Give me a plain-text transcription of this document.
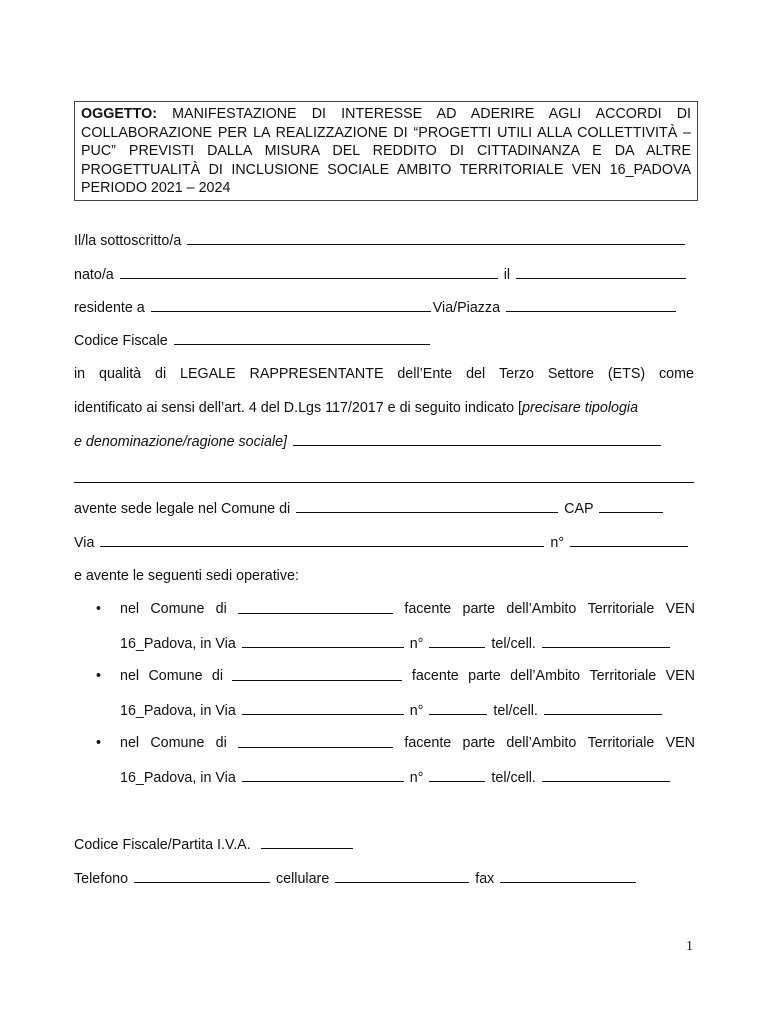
OGGETTO: MANIFESTAZIONE DI INTERESSE AD ADERIRE AGLI ACCORDI DI COLLABORAZIONE PER LA REALIZZAZIONE DI “PROGETTI UTILI ALLA COLLETTIVITÀ – PUC” PREVISTI DALLA MISURA DEL REDDITO DI CITTADINANZA E DA ALTRE PROGETTUALITÀ DI INCLUSIONE SOCIALE AMBITO TERRITORIALE VEN 16_PADOVA PERIODO 2021 – 2024
Il/la sottoscritto/a
nato/a	il
residente a	Via/Piazza
Codice Fiscale
in qualità di LEGALE RAPPRESENTANTE dell’Ente del Terzo Settore (ETS) come
identificato ai sensi dell’art. 4 del D.Lgs 117/2017 e di seguito indicato [precisare tipologia
e denominazione/ragione sociale]
avente sede legale nel Comune di	CAP
Via	n°
e avente le seguenti sedi operative:
• nel Comune di	facente parte dell’Ambito Territoriale VEN
16_Padova, in Via	n°	tel/cell.
• nel Comune di	facente parte dell’Ambito Territoriale VEN
16_Padova, in Via	n°	tel/cell.
• nel Comune di	facente parte dell’Ambito Territoriale VEN
16_Padova, in Via	n°	tel/cell.
Codice Fiscale/Partita I.V.A.
Telefono	cellulare	fax
1
